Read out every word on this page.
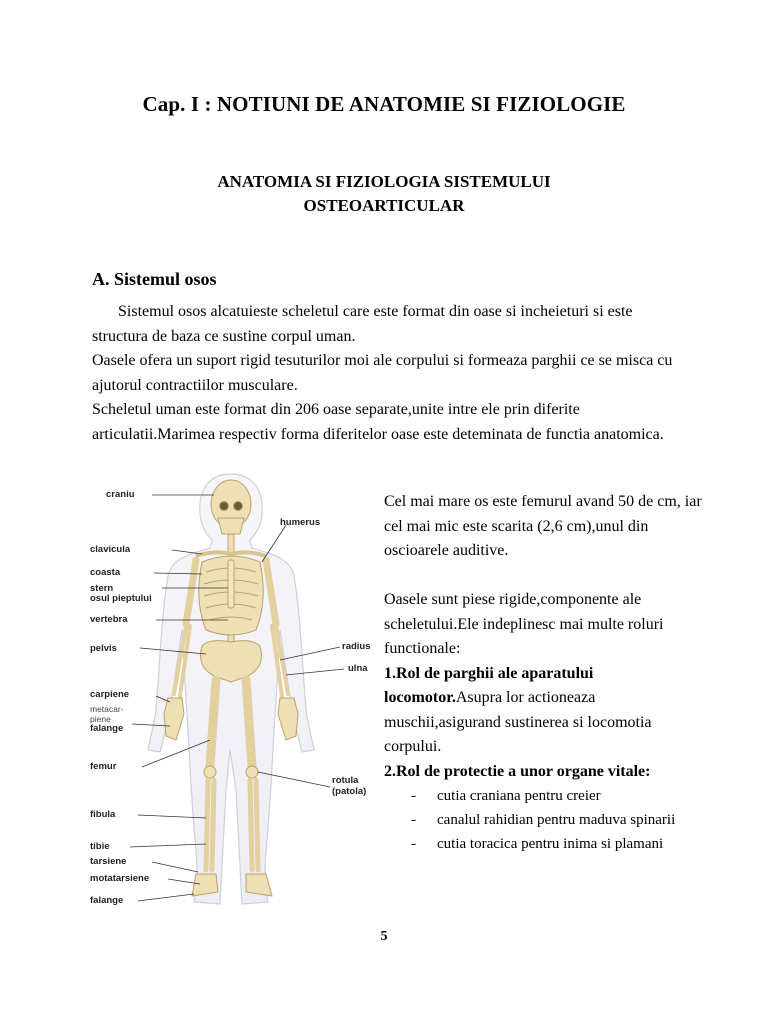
Cap. I : NOTIUNI DE ANATOMIE SI FIZIOLOGIE
ANATOMIA SI FIZIOLOGIA SISTEMULUI
OSTEOARTICULAR
A. Sistemul osos

Sistemul osos alcatuieste scheletul care este format din oase si incheieturi si este structura de baza ce sustine corpul uman.

Oasele ofera un suport rigid tesuturilor moi ale corpului si formeaza parghii ce se misca cu ajutorul contractiilor musculare.

Scheletul uman este format din 206 oase separate,unite intre ele prin diferite articulatii.Marimea respectiv forma diferitelor oase este deteminata de functia anatomica.

craniu
humerus
clavicula
coasta
stern
osul pieptului
vertebra
radius
pelvis
ulna
carpiene
metacar-
piene
falange
femur
rotula
(patola)
fibula
tibie
tarsiene
motatarsiene
falange

Cel mai mare os este femurul avand 50 de cm, iar cel mai mic este scarita (2,6 cm),unul din oscioarele auditive.

Oasele sunt piese rigide,componente ale scheletului.Ele indeplinesc mai multe roluri functionale:

1.Rol de parghii ale aparatului locomotor.Asupra lor actioneaza muschii,asigurand sustinerea si locomotia corpului.

2.Rol de protectie a unor organe vitale:

- cutia craniana pentru creier
- canalul rahidian pentru maduva spinarii
- cutia toracica pentru inima si plamani
5
